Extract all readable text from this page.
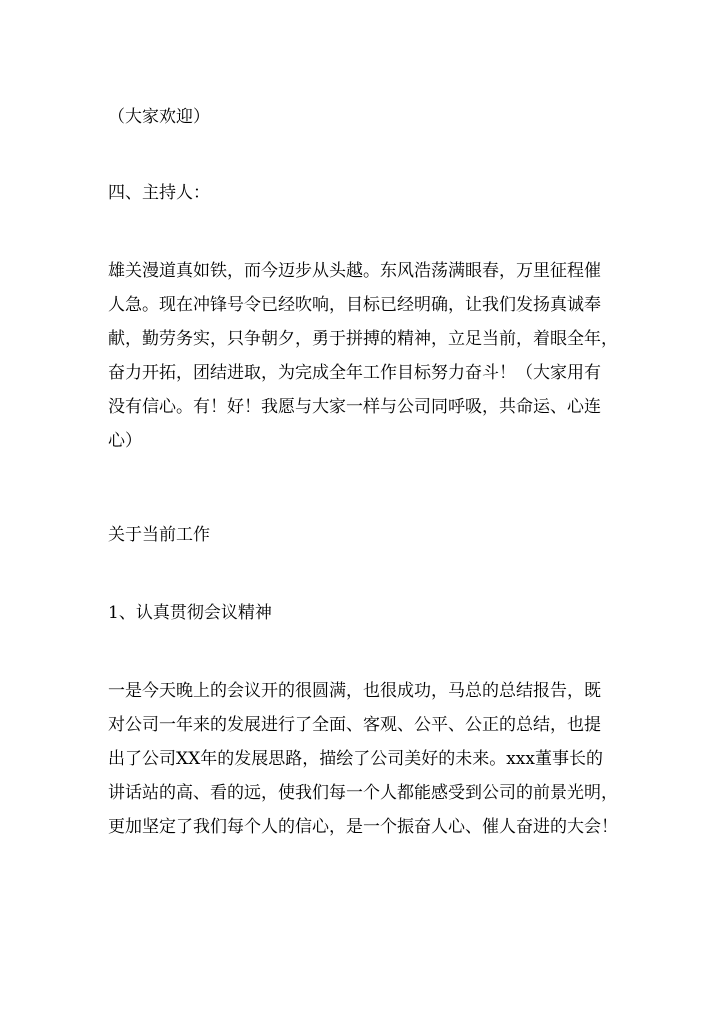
（大家欢迎）

四、主持人：

雄关漫道真如铁，而今迈步从头越。东风浩荡满眼春，万里征程催
人急。现在冲锋号令已经吹响，目标已经明确，让我们发扬真诚奉
献，勤劳务实，只争朝夕，勇于拼搏的精神，立足当前，着眼全年，
奋力开拓，团结进取，为完成全年工作目标努力奋斗！（大家用有
没有信心。有！好！我愿与大家一样与公司同呼吸，共命运、心连
心）

关于当前工作

1、认真贯彻会议精神

一是今天晚上的会议开的很圆满，也很成功，马总的总结报告，既
对公司一年来的发展进行了全面、客观、公平、公正的总结，也提
出了公司XX年的发展思路，描绘了公司美好的未来。xxx董事长的
讲话站的高、看的远，使我们每一个人都能感受到公司的前景光明，
更加坚定了我们每个人的信心，是一个振奋人心、催人奋进的大会！
